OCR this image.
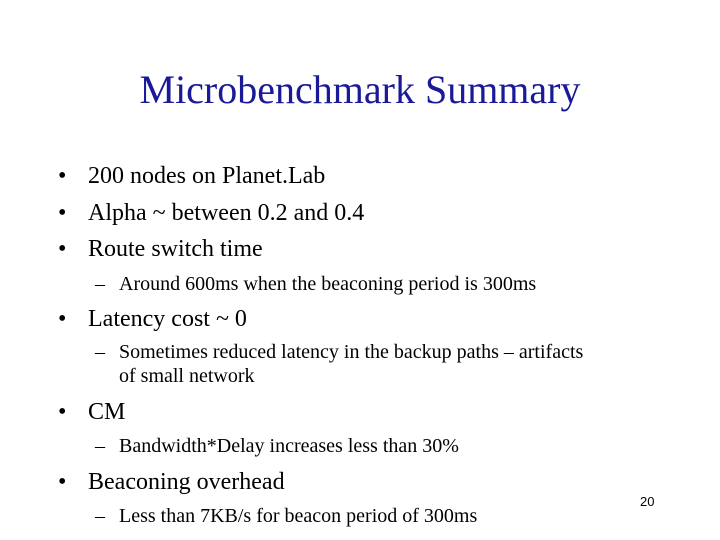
Microbenchmark Summary
• 200 nodes on Planet.Lab
• Alpha ~ between 0.2 and 0.4
• Route switch time
– Around 600ms when the beaconing period is 300ms
• Latency cost ~ 0
– Sometimes reduced latency in the backup paths – artifacts of small network
• CM
– Bandwidth*Delay increases less than 30%
• Beaconing overhead
– Less than 7KB/s for beacon period of 300ms
20
